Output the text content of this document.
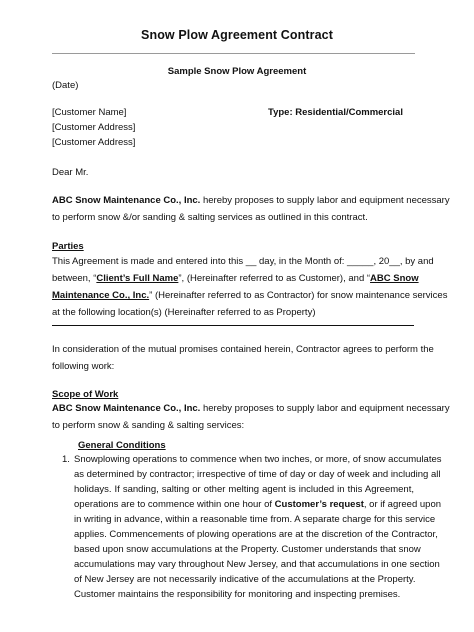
Snow Plow Agreement Contract
Sample Snow Plow Agreement
(Date)
[Customer Name]	Type: Residential/Commercial
[Customer Address]
[Customer Address]
Dear Mr.
ABC Snow Maintenance Co., Inc. hereby proposes to supply labor and equipment necessary
to perform snow &/or sanding & salting services as outlined in this contract.
Parties
This Agreement is made and entered into this __ day, in the Month of: _____, 20__, by and
between, “Client’s Full Name”, (Hereinafter referred to as Customer), and “ABC Snow
Maintenance Co., Inc.” (Hereinafter referred to as Contractor) for snow maintenance services
at the following location(s) (Hereinafter referred to as Property)
In consideration of the mutual promises contained herein, Contractor agrees to perform the
following work:
Scope of Work
ABC Snow Maintenance Co., Inc. hereby proposes to supply labor and equipment necessary
to perform snow & sanding & salting services:
General Conditions
1. Snowplowing operations to commence when two inches, or more, of snow accumulates
as determined by contractor; irrespective of time of day or day of week and including all
holidays. If sanding, salting or other melting agent is included in this Agreement,
operations are to commence within one hour of Customer’s request, or if agreed upon
in writing in advance, within a reasonable time from. A separate charge for this service
applies. Commencements of plowing operations are at the discretion of the Contractor,
based upon snow accumulations at the Property. Customer understands that snow
accumulations may vary throughout New Jersey, and that accumulations in one section
of New Jersey are not necessarily indicative of the accumulations at the Property.
Customer maintains the responsibility for monitoring and inspecting premises.
